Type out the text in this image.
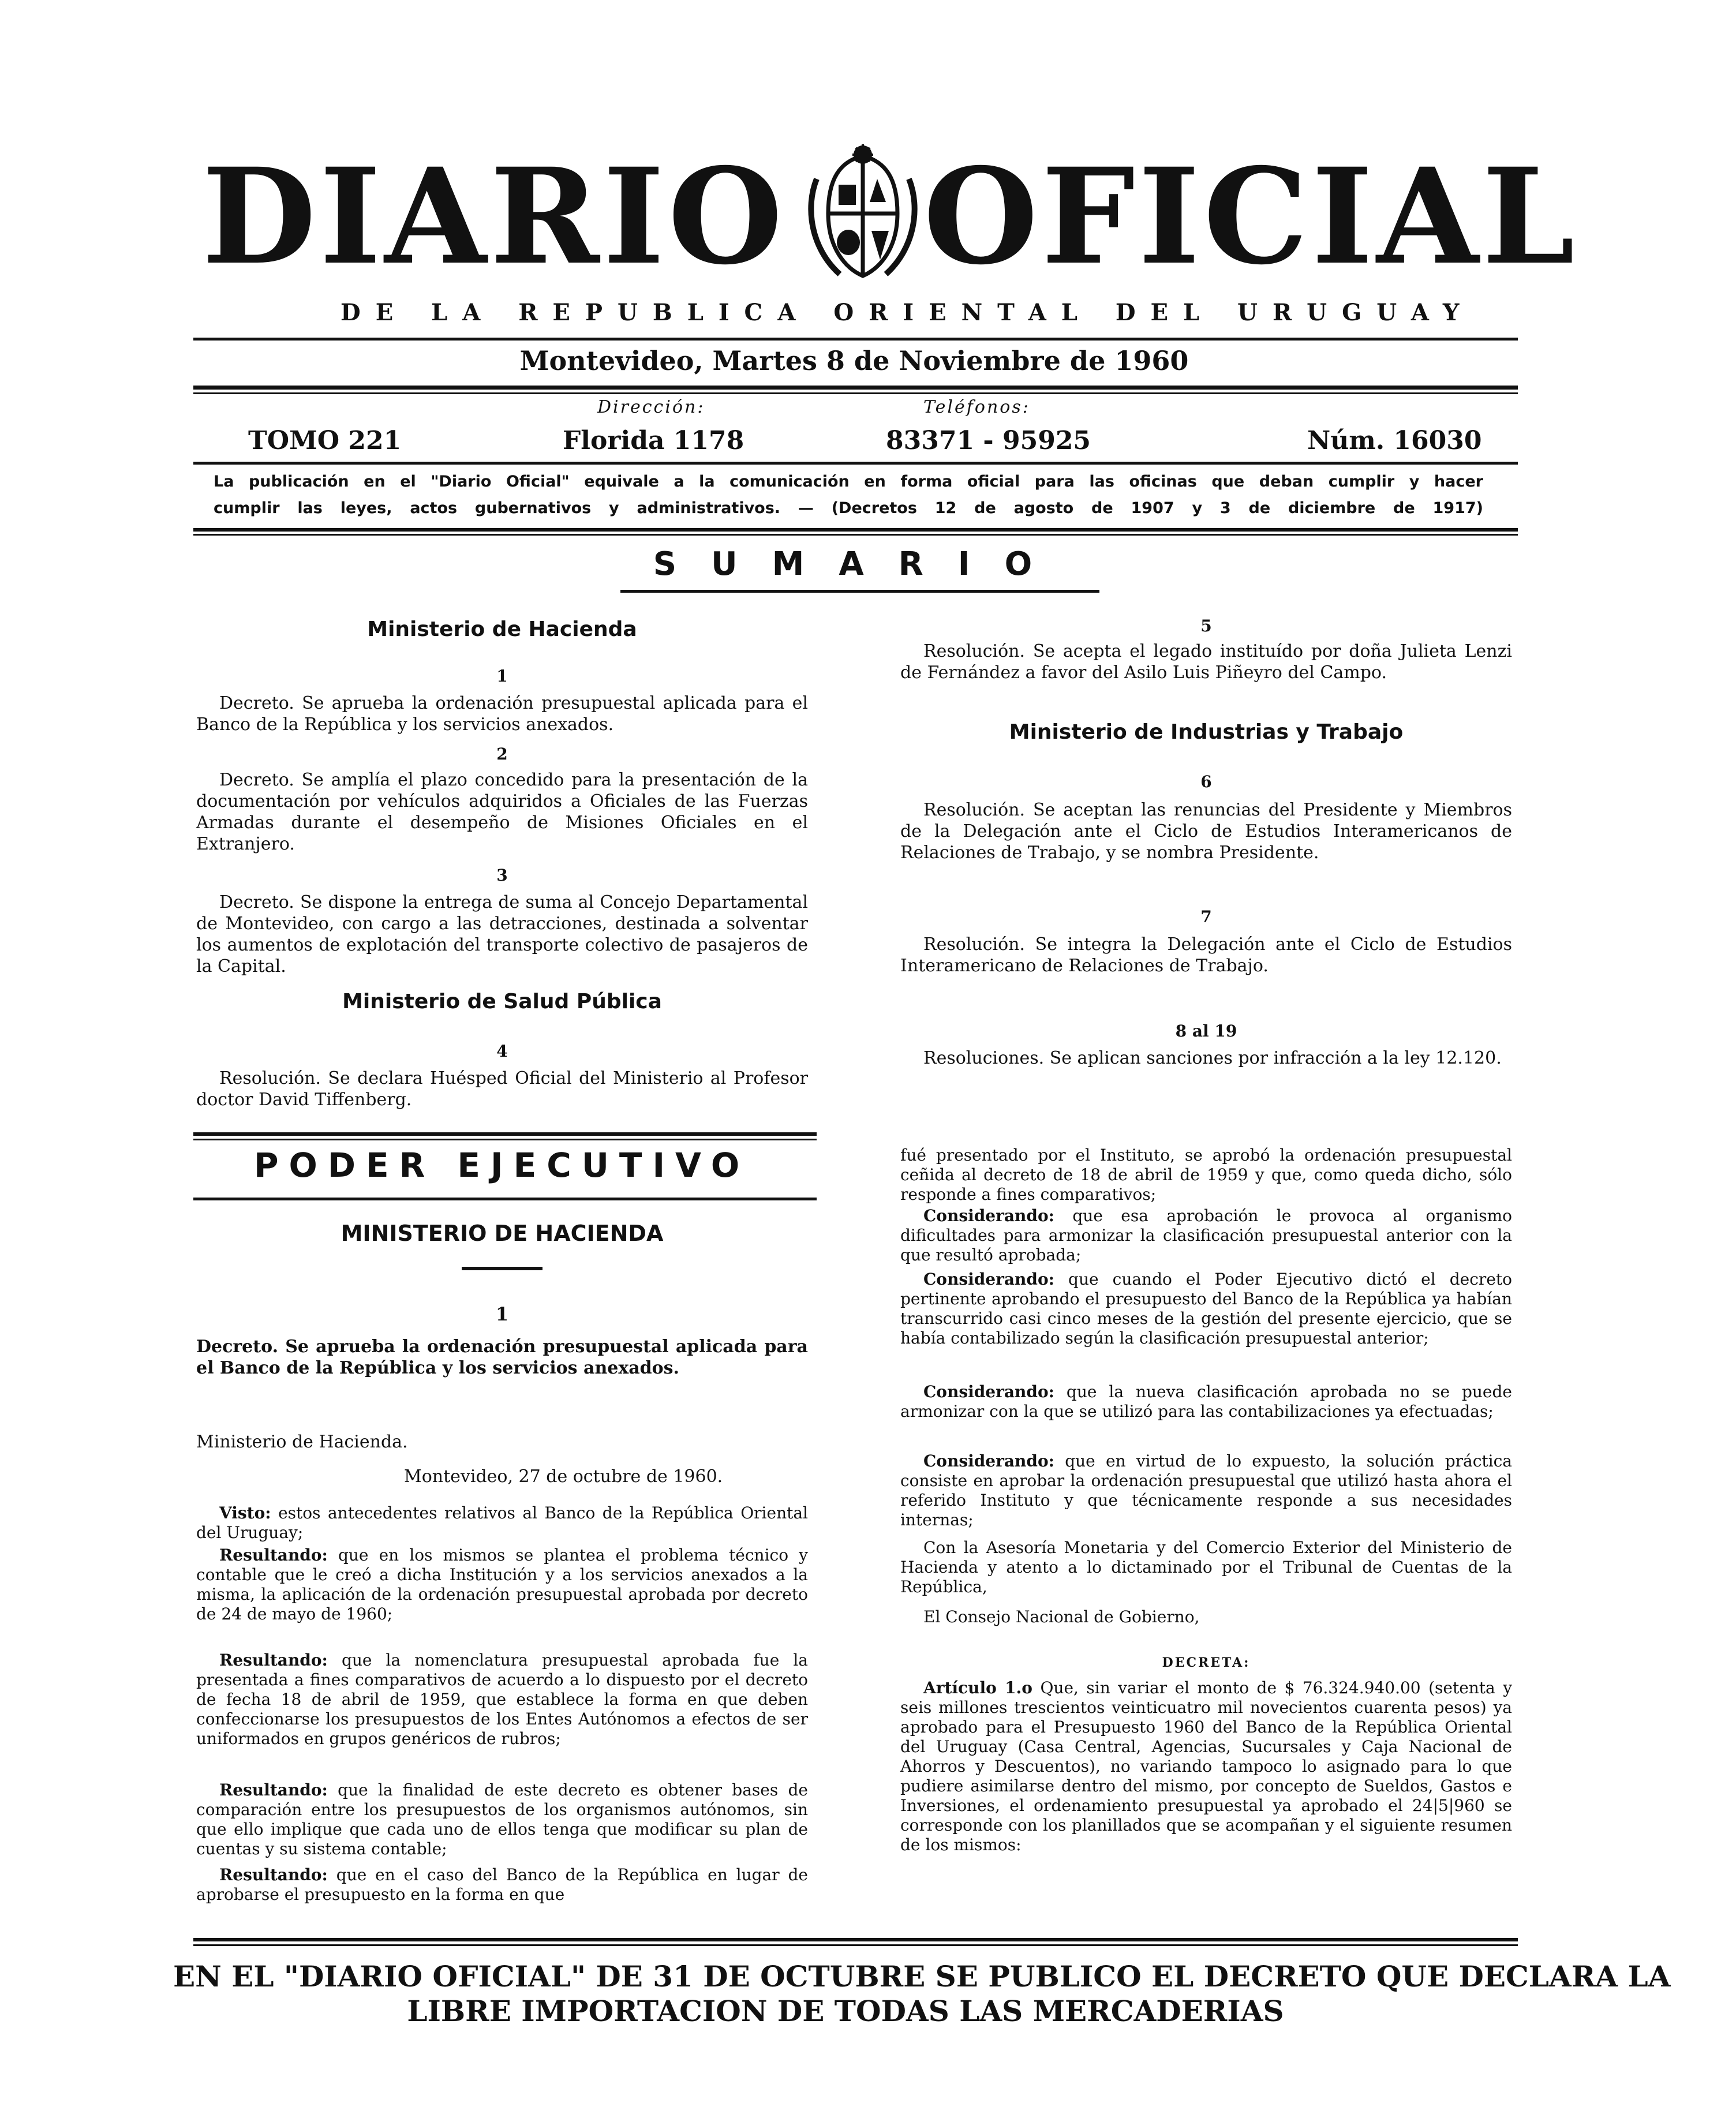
DIARIO OFICIAL
DE LA REPUBLICA ORIENTAL DEL URUGUAY
Montevideo, Martes 8 de Noviembre de 1960
Dirección:	Teléfonos:
TOMO 221	Florida 1178	83371 - 95925	Núm. 16030
La publicación en el "Diario Oficial" equivale a la comunicación en forma oficial para las oficinas que deban cumplir y hacer
cumplir las leyes, actos gubernativos y administrativos. — (Decretos 12 de agosto de 1907 y 3 de diciembre de 1917)
SUMARIO
Ministerio de Hacienda
1
Decreto. Se aprueba la ordenación presupuestal aplicada para el Banco de la República y los servicios anexados.
2
Decreto. Se amplía el plazo concedido para la presentación de la documentación por vehículos adquiridos a Oficiales de las Fuerzas Armadas durante el desempeño de Misiones Oficiales en el Extranjero.
3
Decreto. Se dispone la entrega de suma al Concejo Departamental de Montevideo, con cargo a las detracciones, destinada a solventar los aumentos de explotación del transporte colectivo de pasajeros de la Capital.
Ministerio de Salud Pública
4
Resolución. Se declara Huésped Oficial del Ministerio al Profesor doctor David Tiffenberg.
5
Resolución. Se acepta el legado instituído por doña Julieta Lenzi de Fernández a favor del Asilo Luis Piñeyro del Campo.
Ministerio de Industrias y Trabajo
6
Resolución. Se aceptan las renuncias del Presidente y Miembros de la Delegación ante el Ciclo de Estudios Interamericanos de Relaciones de Trabajo, y se nombra Presidente.
7
Resolución. Se integra la Delegación ante el Ciclo de Estudios Interamericano de Relaciones de Trabajo.
8 al 19
Resoluciones. Se aplican sanciones por infracción a la ley 12.120.
PODER EJECUTIVO
MINISTERIO DE HACIENDA
1
Decreto. Se aprueba la ordenación presupuestal aplicada para el Banco de la República y los servicios anexados.
Ministerio de Hacienda.
Montevideo, 27 de octubre de 1960.
Visto: estos antecedentes relativos al Banco de la República Oriental del Uruguay;
Resultando: que en los mismos se plantea el problema técnico y contable que le creó a dicha Institución y a los servicios anexados a la misma, la aplicación de la ordenación presupuestal aprobada por decreto de 24 de mayo de 1960;
Resultando: que la nomenclatura presupuestal aprobada fue la presentada a fines comparativos de acuerdo a lo dispuesto por el decreto de fecha 18 de abril de 1959, que establece la forma en que deben confeccionarse los presupuestos de los Entes Autónomos a efectos de ser uniformados en grupos genéricos de rubros;
Resultando: que la finalidad de este decreto es obtener bases de comparación entre los presupuestos de los organismos autónomos, sin que ello implique que cada uno de ellos tenga que modificar su plan de cuentas y su sistema contable;
Resultando: que en el caso del Banco de la República en lugar de aprobarse el presupuesto en la forma en que
fué presentado por el Instituto, se aprobó la ordenación presupuestal ceñida al decreto de 18 de abril de 1959 y que, como queda dicho, sólo responde a fines comparativos;
Considerando: que esa aprobación le provoca al organismo dificultades para armonizar la clasificación presupuestal anterior con la que resultó aprobada;
Considerando: que cuando el Poder Ejecutivo dictó el decreto pertinente aprobando el presupuesto del Banco de la República ya habían transcurrido casi cinco meses de la gestión del presente ejercicio, que se había contabilizado según la clasificación presupuestal anterior;
Considerando: que la nueva clasificación aprobada no se puede armonizar con la que se utilizó para las contabilizaciones ya efectuadas;
Considerando: que en virtud de lo expuesto, la solución práctica consiste en aprobar la ordenación presupuestal que utilizó hasta ahora el referido Instituto y que técnicamente responde a sus necesidades internas;
Con la Asesoría Monetaria y del Comercio Exterior del Ministerio de Hacienda y atento a lo dictaminado por el Tribunal de Cuentas de la República,
El Consejo Nacional de Gobierno,
DECRETA:
Artículo 1.o Que, sin variar el monto de $ 76.324.940.00 (setenta y seis millones trescientos veinticuatro mil novecientos cuarenta pesos) ya aprobado para el Presupuesto 1960 del Banco de la República Oriental del Uruguay (Casa Central, Agencias, Sucursales y Caja Nacional de Ahorros y Descuentos), no variando tampoco lo asignado para lo que pudiere asimilarse dentro del mismo, por concepto de Sueldos, Gastos e Inversiones, el ordenamiento presupuestal ya aprobado el 24|5|960 se corresponde con los planillados que se acompañan y el siguiente resumen de los mismos:
EN EL "DIARIO OFICIAL" DE 31 DE OCTUBRE SE PUBLICO EL DECRETO QUE DECLARA LA
LIBRE IMPORTACION DE TODAS LAS MERCADERIAS
